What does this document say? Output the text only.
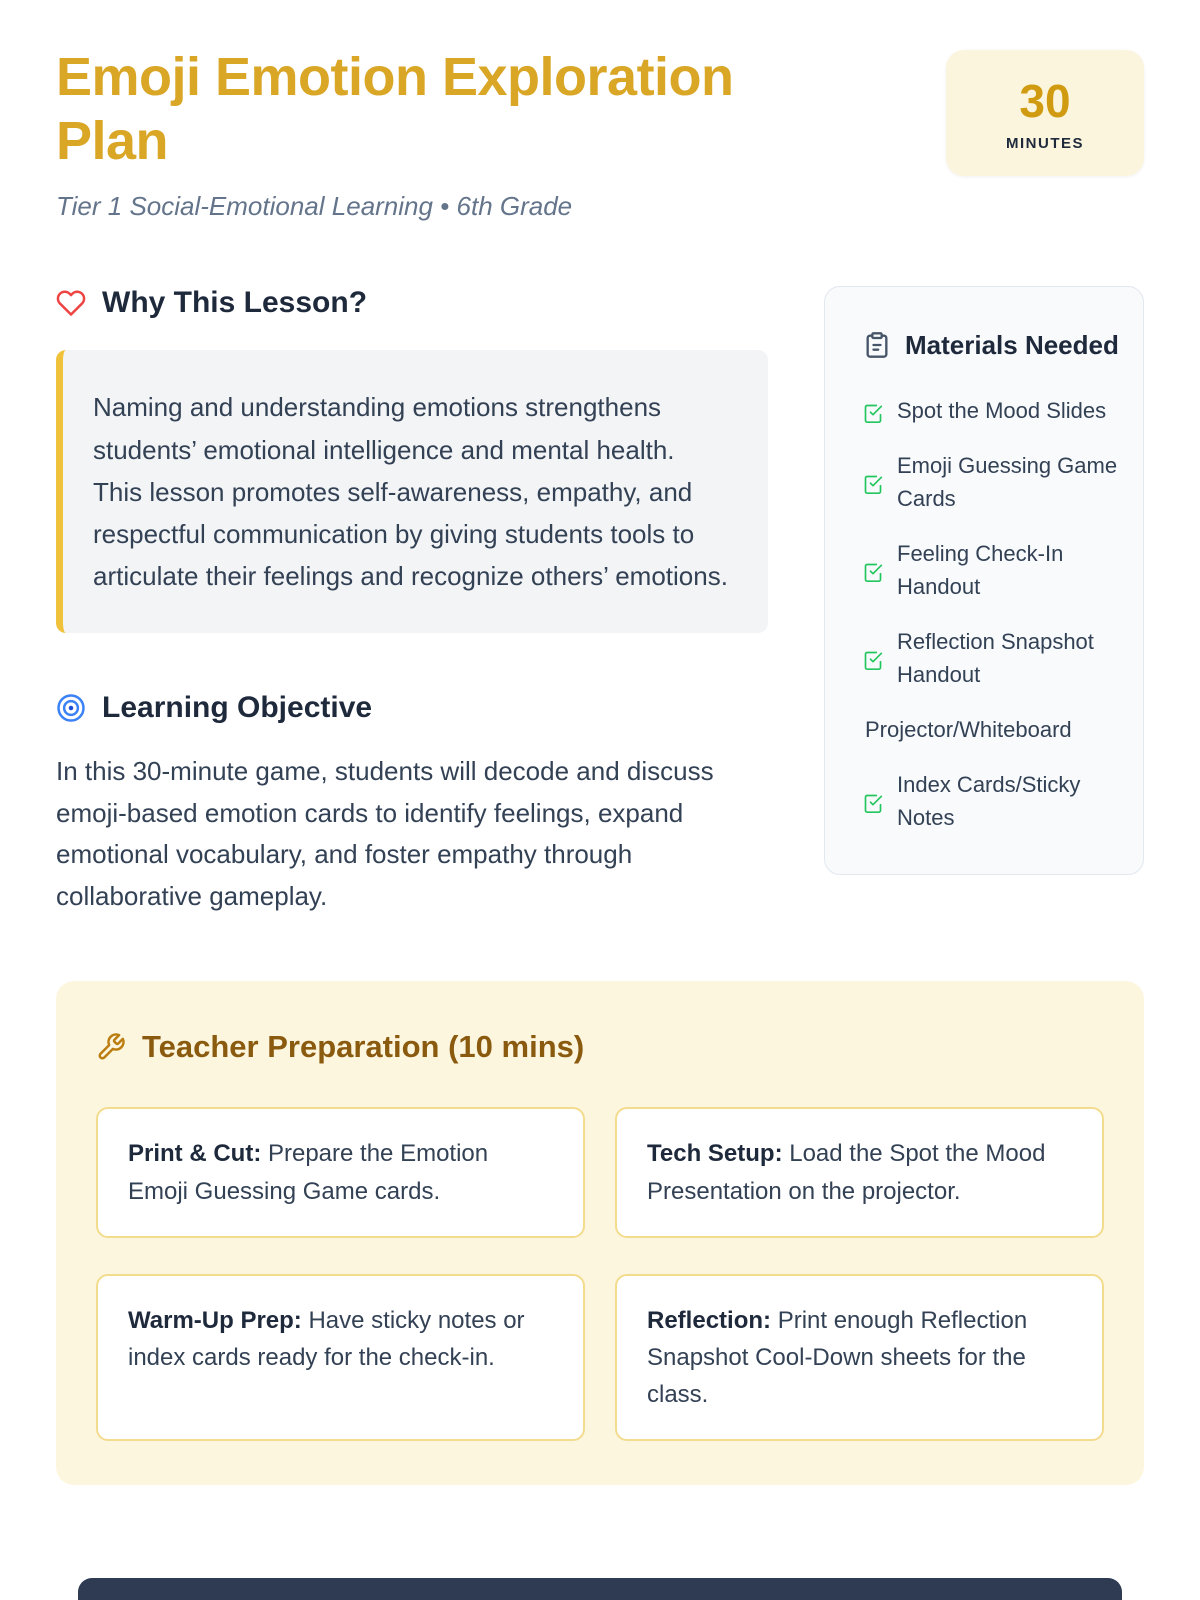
Emoji Emotion Exploration Plan
Tier 1 Social-Emotional Learning • 6th Grade
30
MINUTES
Why This Lesson?
Naming and understanding emotions strengthens students’ emotional intelligence and mental health. This lesson promotes self-awareness, empathy, and respectful communication by giving students tools to articulate their feelings and recognize others’ emotions.
Learning Objective
In this 30-minute game, students will decode and discuss emoji-based emotion cards to identify feelings, expand emotional vocabulary, and foster empathy through collaborative gameplay.
Materials Needed
Spot the Mood Slides
Emoji Guessing Game Cards
Feeling Check-In Handout
Reflection Snapshot Handout
Projector/Whiteboard
Index Cards/Sticky Notes
Teacher Preparation (10 mins)
Print & Cut: Prepare the Emotion Emoji Guessing Game cards.
Tech Setup: Load the Spot the Mood Presentation on the projector.
Warm-Up Prep: Have sticky notes or index cards ready for the check-in.
Reflection: Print enough Reflection Snapshot Cool-Down sheets for the class.
